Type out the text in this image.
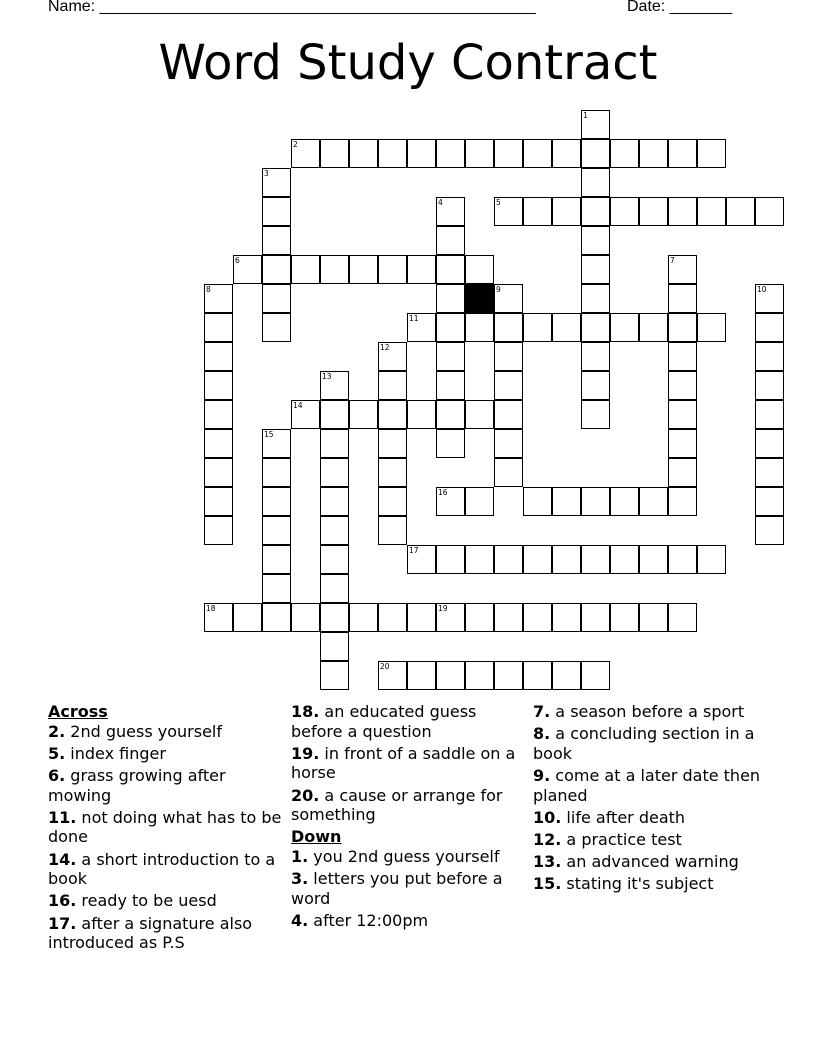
Name: _________________________________________________	Date: _______
Word Study Contract
1
2
3
4	5
6	7
8	9	10
11
12
13
14
15
16
17
18	19
20
Across
2. 2nd guess yourself
5. index finger
6. grass growing after mowing
11. not doing what has to be done
14. a short introduction to a book
16. ready to be uesd
17. after a signature also introduced as P.S
18. an educated guess before a question
19. in front of a saddle on a horse
20. a cause or arrange for something
Down
1. you 2nd guess yourself
3. letters you put before a word
4. after 12:00pm
7. a season before a sport
8. a concluding section in a book
9. come at a later date then planed
10. life after death
12. a practice test
13. an advanced warning
15. stating it's subject
